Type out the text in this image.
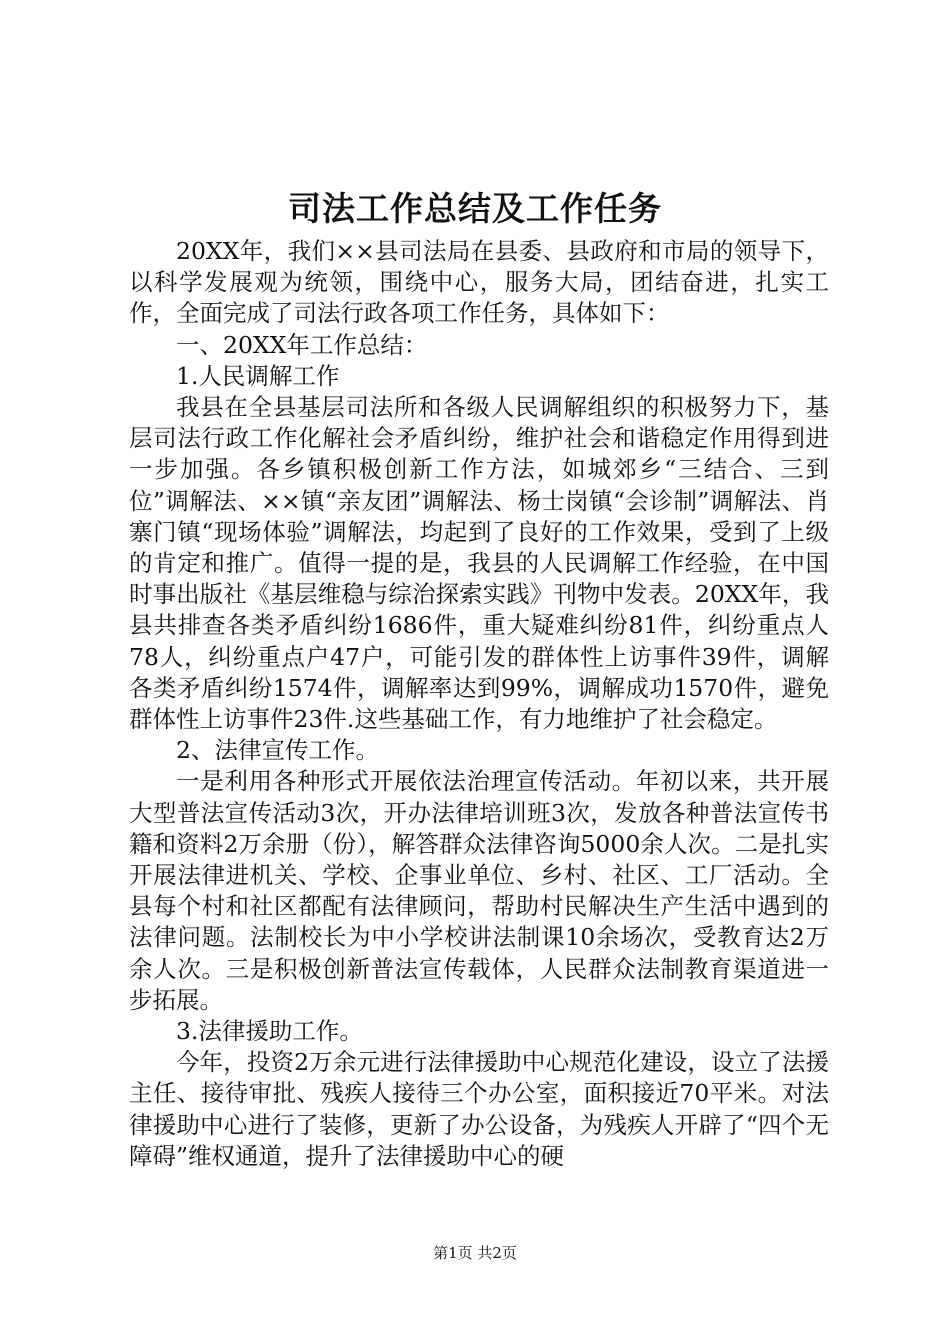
司法工作总结及工作任务

20XX年，我们××县司法局在县委、县政府和市局的领导下，以科学发展观为统领，围绕中心，服务大局，团结奋进，扎实工作，全面完成了司法行政各项工作任务，具体如下：

一、20XX年工作总结：

1.人民调解工作

我县在全县基层司法所和各级人民调解组织的积极努力下，基层司法行政工作化解社会矛盾纠纷，维护社会和谐稳定作用得到进一步加强。各乡镇积极创新工作方法，如城郊乡“三结合、三到位”调解法、××镇“亲友团”调解法、杨士岗镇“会诊制”调解法、肖寨门镇“现场体验”调解法，均起到了良好的工作效果，受到了上级的肯定和推广。值得一提的是，我县的人民调解工作经验，在中国时事出版社《基层维稳与综治探索实践》刊物中发表。20XX年，我县共排查各类矛盾纠纷1686件，重大疑难纠纷81件，纠纷重点人78人，纠纷重点户47户，可能引发的群体性上访事件39件，调解各类矛盾纠纷1574件，调解率达到99%，调解成功1570件，避免群体性上访事件23件.这些基础工作，有力地维护了社会稳定。

2、法律宣传工作。

一是利用各种形式开展依法治理宣传活动。年初以来，共开展大型普法宣传活动3次，开办法律培训班3次，发放各种普法宣传书籍和资料2万余册（份），解答群众法律咨询5000余人次。二是扎实开展法律进机关、学校、企事业单位、乡村、社区、工厂活动。全县每个村和社区都配有法律顾问，帮助村民解决生产生活中遇到的法律问题。法制校长为中小学校讲法制课10余场次，受教育达2万余人次。三是积极创新普法宣传载体，人民群众法制教育渠道进一步拓展。

3.法律援助工作。

今年，投资2万余元进行法律援助中心规范化建设，设立了法援主任、接待审批、残疾人接待三个办公室，面积接近70平米。对法律援助中心进行了装修，更新了办公设备，为残疾人开辟了“四个无障碍”维权通道，提升了法律援助中心的硬

第1页 共2页
